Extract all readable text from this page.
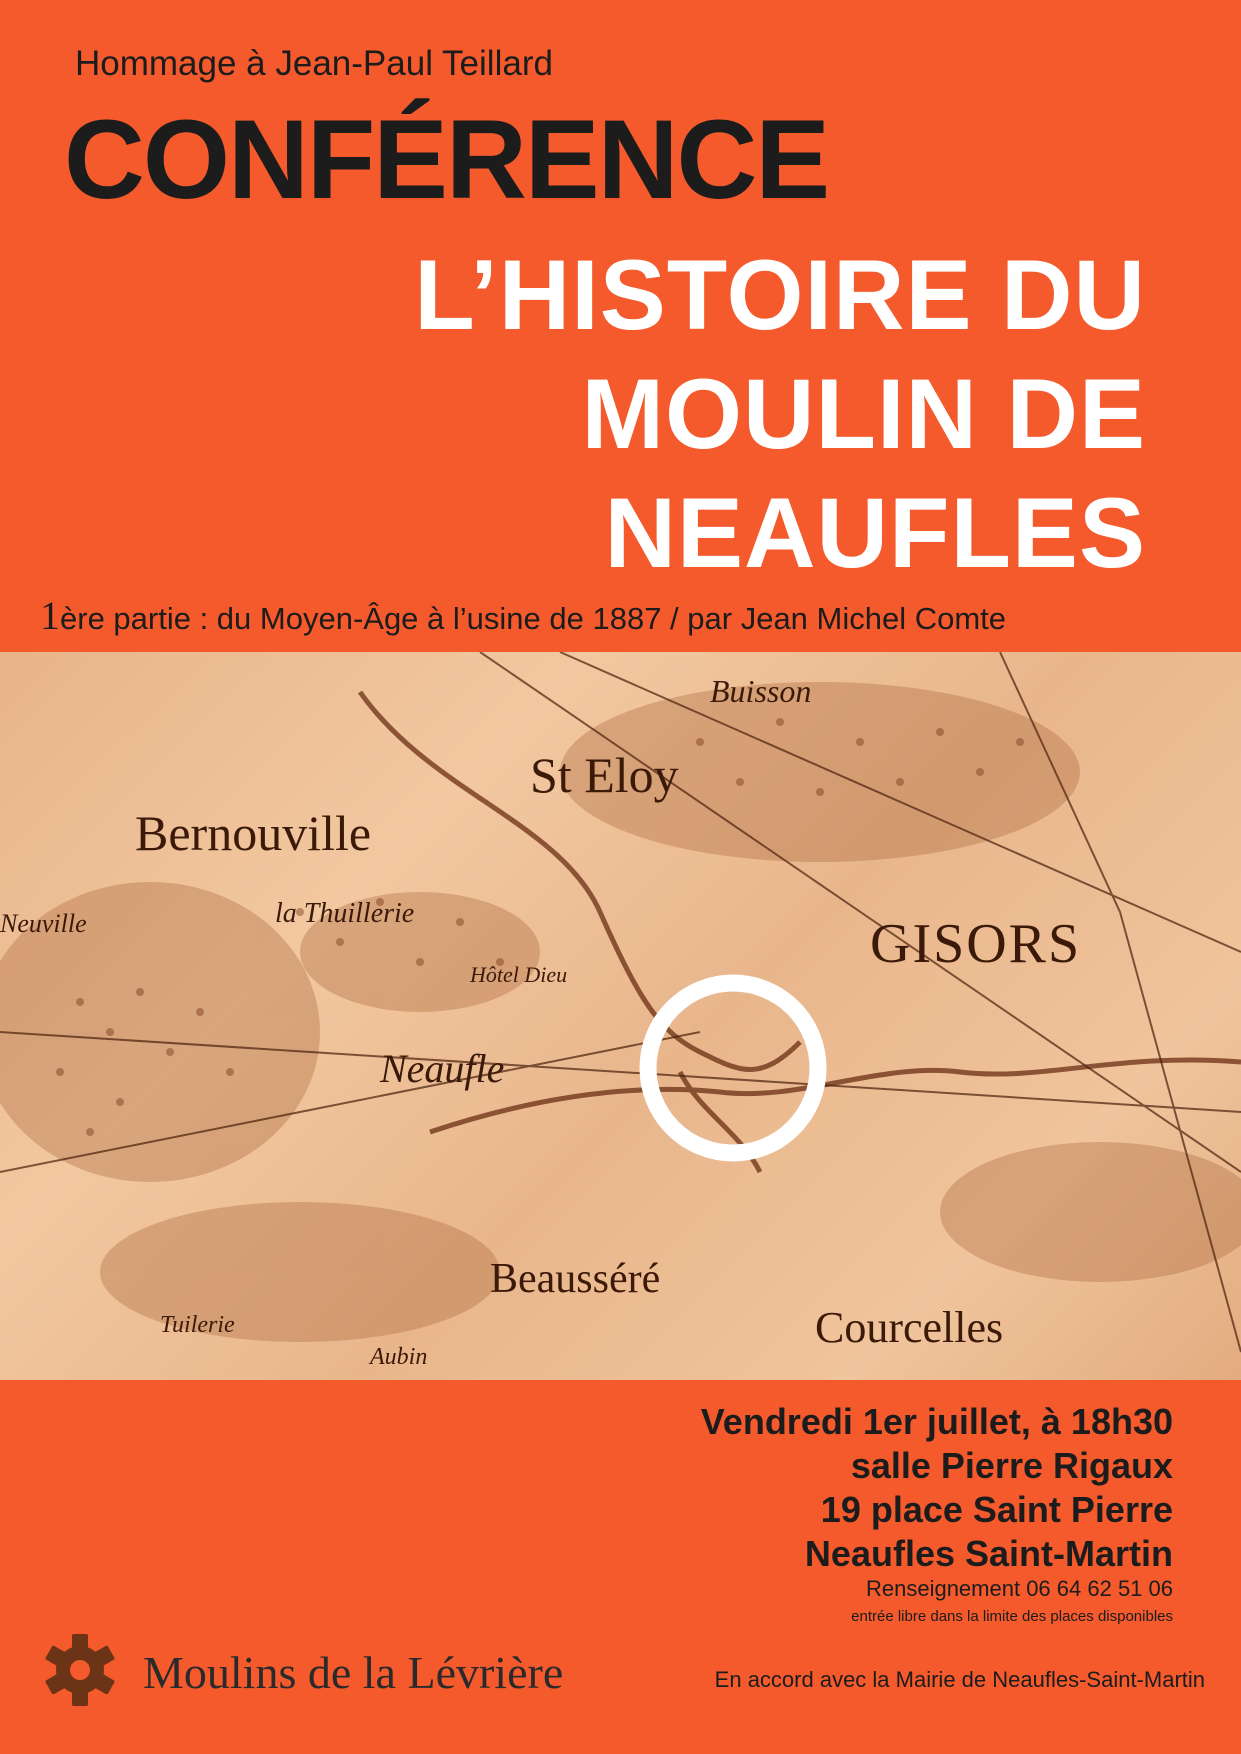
Hommage à Jean-Paul Teillard
CONFÉRENCE
L’HISTOIRE DU
MOULIN DE
NEAUFLES
1ère partie : du Moyen-Âge à l’usine de 1887 / par Jean Michel Comte
Bernouville
St Eloy
GISORS
Neaufle
Beausséré
Courcelles
Buisson
la Thuillerie
Tuilerie
Aubin
Hôtel Dieu
Neuville
Vendredi 1er juillet, à 18h30
salle Pierre Rigaux
19 place Saint Pierre
Neaufles Saint-Martin
Renseignement 06 64 62 51 06
entrée libre dans la limite des places disponibles
Moulins de la Lévrière	En accord avec la Mairie de Neaufles-Saint-Martin
